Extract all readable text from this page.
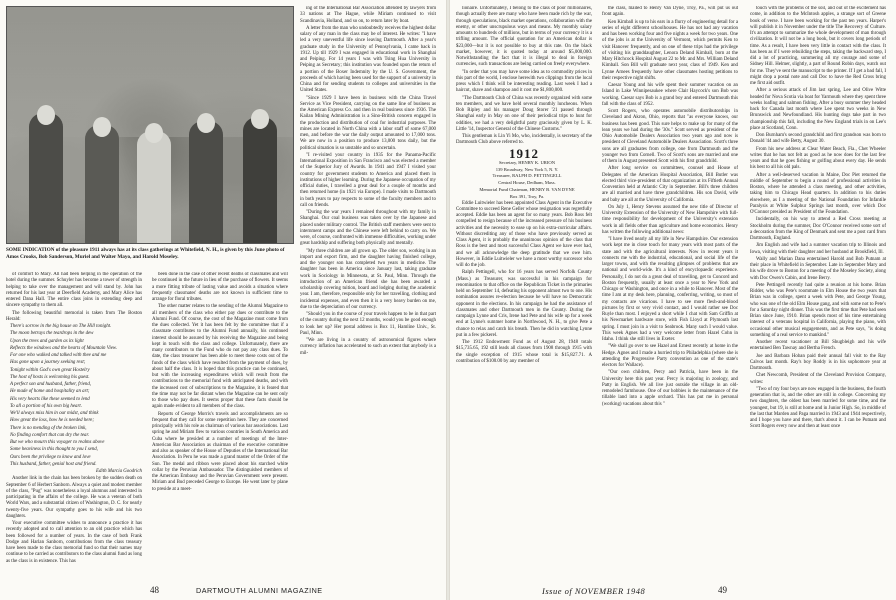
SOME INDICATION of the pleasure 1911 always has at its class gatherings at Whitefield, N. H., is given by this June photo of Amos Crooks, Bob Sanderson, Muriel and Walter Mayo, and Harold Moseley.

of comfort to Mary. All had been helping in the operation of the hotel during the summer. Schuyler has become a tower of strength in helping to take over the management and will stand by. John has returned for his last year at Deerfield Academy, and Mary Alice has entered Dana Hall. The entire class joins in extending deep and sincere sympathy to them all.

The following beautiful memorial is taken from The Boston Herald:

There's sorrow in the big house on The Hill tonight.

The moon betrays the teardrops in the dew

Upon the trees and garden as its light

Reflects the windows and the hearts of Mountain View.

For one who walked and talked with thee and me

Has gone upon a journey seeking rest;

Tonight within God's own great Hostelry

The host of hosts is welcoming his guest.

A perfect son and husband, father, friend,

He made of home and hospitality an art;

His very hearts like these seemed to lend

To all a portion of his own big heart.

We'll always miss him in our midst, and think

How great the loss, how he is needed here;

There is no mending of the broken link,

No finding comfort that can dry the tear.

But we who mourn this voyager to realms above

Some heaviness in this thought to you I send,

Ours been the privilege to know and love

This husband, father, genial host and friend.

Edith Marcia Goodrich

Another link in the chain has been broken by the sudden death on September 6 of Herbert Sanborn. Always a quiet and modest member of the class, "Pug" was nonetheless a loyal alumnus and interested in participating in the affairs of the college. He was a veteran of both World Wars, and a substantial citizen of Washington, D. C. for nearly twenty-five years. Our sympathy goes to his wife and his two daughters.

Your executive committee wishes to announce a practice it has recently adopted and to call attention to an old practice which has been followed for a number of years. In the case of both Frank Dodge and Harlan Sanborn, contributions from the class treasury have been made to the class memorial fund so that their names may continue to be carried as contributors to the class alumni fund as long as the class is in existence. This has

been done in the case of other recent deaths of classmates and will be continued in the future in lieu of the purchase of flowers. It seems a more fitting tribute of lasting value and avoids a situation where frequently classmates' deaths are not known in sufficient time to arrange for floral tributes.

The other matter relates to the sending of the Alumni Magazine to all members of the class who either pay dues or contribute to the Alumni Fund. Of course, the cost of the Magazine must come from the dues collected. Yet it has been felt by the committee that if a classmate contributes to the Alumni Fund annually, his continued interest should be assured by his receiving the Magazine and being kept in touch with the class and college. Unfortunately, there are many contributors to the Fund who do not pay any class dues. To date, the class treasurer has been able to meet these costs out of the funds of the class which have resulted from the payment of dues, by about half the class. It is hoped that this practice can be continued, but with the increasing expenditures which will result from the contributions to the memorial fund with anticipated deaths, and with the increased cost of subscriptions to the Magazine, it is feared that the time may not be far distant when the Magazine can be sent only to those who pay dues. It seems proper that these facts should be again made evident to all members of the class.

Reports of George Morris's travels and accomplishments are so frequent that they call for some repetition here. They are concerned principally with his role as chairman of various bar associations. Last spring he and Miriam flew to various countries in South America and Cuba where he presided at a number of meetings of the Inter-American Bar Association as chairman of the executive committee and also as speaker of the House of Deputies of the International Bar Association. In Peru he was made a grand master of the Order of the Sun. The medal and ribbon were placed about his starched white collar by the Peruvian Ambassador. The distinguished members of the American Embassy and the Peruvian Government were present. Miriam and Bud preceded George to Europe. He went later by plane to preside at a meet-

ing of the International Bar Association attended by lawyers from 33 nations at The Hague, while Miriam continued to visit Scandinavia, Holland, and so on, to return later by boat.

A letter from the man who undoubtedly receives the highest dollar salary of any man in the class may be of interest. He writes: "I have led a very uneventful life since leaving Dartmouth. After a year's graduate study in the University of Pennsylvania, I came back in 1912. Up till 1929 I was engaged in educational work in Shanghai and Peiping. For 14 years I was with Tsing Hua University in Peiping as Secretary; this institution was founded upon the return of a portion of the Boxer Indemnity by the U. S. Government, the proceeds of which having been used for the support of a university in China and for sending students to colleges and universities in the United States.

"Since 1929 I have been in business with the China Travel Service as Vice President, carrying on the same line of business as the American Express Co. and then in real business since 1936. The Kailan Mining Administration is a Sino-British concern engaged in the production and distribution of coal for industrial purposes. The mines are located in North China with a labor staff of some 67,000 men, and before the war the daily output amounted to 17,000 tons. We are now in a position to produce 13,000 tons daily, but the political situation is so unstable and so uncertain.

"I re-visited your country in 1935 for the Panama-Pacific International Exposition in San Francisco and was elected a member of the Superior Jury of Awards. In 1941 and 1947 I visited your country for government students to America and placed them in institutions of higher learning. During the Japanese occupation of my official duties, I travelled a great deal for a couple of months and then returned home (in 1921 via Europe). I made visits to Dartmouth in both years to pay respects to some of the faculty members and to call on friends.

"During the war years I remained throughout with my family in Shanghai. Our coal business was taken over by the Japanese and placed under military control. The British staff members were sent to internment camps and the Chinese were left behind to carry on. We were, of course, confronted with immense difficulties, working under great hardship and suffering both physically and mentally.

"My three children are all grown up. The older son, working in an import and export firm, and the daughter having finished college, and the younger son has completed two years in medicine. The daughter has been in America since January last, taking graduate work in Sociology in Minnesota, at St. Paul, Minn. Through the introduction of an American friend she has been awarded a scholarship covering tuition, board and lodging during the academic year. I am, therefore, responsible only for her travelling, clothing and incidental expenses, and even then it is a very heavy burden on me, due to the depreciation of our currency.

"Should you in the course of your travels happen to be in that part of the country during the next 12 months, would you be good enough to look her up? Her postal address is Box 11, Hamline Univ., St. Paul, Minn.

"We are living in a country of astronomical figures where currency inflation has accelerated to such an extent that anybody is a mil-

48	DARTMOUTH ALUMNI MAGAZINE

lionaire. Unfortunately, I belong to the class of poor millionaires, though actually there are many who have been made rich by the war, through speculations, black market operations, collaboration with the enemy, or other unscrupulous ways and means. My monthly salary amounts to hundreds of millions, but in terms of your currency it is a trifling amount. The official quotation for an American dollar is $23,000—but it is not possible to buy at this rate. On the black market, however, it is quoted today at around $5,000,000. Notwithstanding the fact that it is illegal to deal in foreign currencies, such transactions are being carried on freely everywhere.

"In order that you may have some idea as to commodity prices in this part of the world, I enclose herewith two clippings from the local press which I think will be interesting reading. Last week I had a haircut, shave and shampoo and it cost me $1,800,000.

"The Dartmouth Club of China was recently organized with some ten members, and we have held several monthly luncheons. When Bob Ripley and his manager Doug Storer '21 passed through Shanghai early in May on one of their periodical trips to hunt for oddities, we had a very delightful party graciously given by L. K. Little '14, Inspector General of the Chinese Customs."

This gentleman is Lin Yi Mo, who, incidentally, is secretary of the Dartmouth Club above referred to.

1912

Secretary, HENRY K. URION

139 Broadway, New York 5, N. Y.

Treasurer, RALPH D. PETTINGELL

Central House, Dedham, Mass.

Memorial Fund Chairman, HENRY B. VAN DYNE

Box 391, Troy, Pa.

Eddie Luitwieler has been appointed Class Agent in the Executive Committee to succeed Rene Geller whose resignation was regretfully accepted. Eddie has been an agent for so many years. Bob Ross felt compelled to resign because of the increased pressure of his business activities and the necessity to ease up on his extra-curricular affairs. Without discrediting any of those who have previously served as Class Agent, it is probably the unanimous opinion of the class that Ross is the best and most successful Class Agent we have ever had, and we all acknowledge the deep gratitude that we owe him. However, in Eddie Luitwieler we have a most worthy successor who will do the job.

Ralph Pettingell, who for 16 years has served Norfolk County (Mass.) as Treasurer, was successful in his campaign for renomination to that office on the Republican Ticket in the primaries held on September 14, defeating his opponent almost two to one. His nomination assures re-election because he will have no Democratic opponent in the elections. In his campaign he had the assistance of classmates and other Dartmouth men in the County. During the campaign Lynne and Cris, Irene had Pete and his wife up for a week end at Lynne's summer home in Northwood, N. H., to give Pete a chance to relax and catch his breath. Then he did in watching Lynne put in a few pickerel.

The 1912 Endowment Fund as of August 28, 1948 totals $15,735.65, 192 still leads all classes from 1908 through 1915 with the single exception of 1915 whose total is $15,827.71. A contribution of $100.00 by any member of

the class, mailed to Henry Van Dyne, Troy, Pa., will put us out front again.

Ken Kimball is up to his ears in a flurry of engineering detail for a series of eight different schoolhouses. He has not had any vacation and has been working four and five nights a week for two years. One of the jobs is at the University of Vermont, which permits Ken to visit Hanover frequently, and on one of these trips had the privilege of visiting his granddaughter, Lenora Deland Kimball, born at the Mary Hitchcock Hospital August 22 to Mr. and Mrs. William Deland Kimball. Son Bill will graduate next year, class of 1949. Ken and Lynne Arnees frequently have other classmates hosting petitions to their respective night shifts.

Caesar Young and his wife spent their summer vacation on an Island in Lake Winnipesaukee where Clair Haycock's son Bob was working. Caesar says Bob is a grand boy and entered Dartmouth this fall with the class of 1952.

Scott Rogers, who operates automobile distributorships in Cleveland and Akron, Ohio, reports that "as everyone knows, our business has been good. This sure helps to make up for many of the lean years we had during the '30s." Scott served as president of the Ohio Automobile Dealers Association two years ago and now is president of Cleveland Automobile Dealers Association. Scott's three sons are all graduates from college, one from Dartmouth and the younger two from Cornell. Two of Scott's sons are married and one of them in August presented Scott with his first grandchild.

After long service on committees, counsel and House of Delegates of the American Hospital Association, Bill Butler was elected third vice-president of that organization at its Fiftieth Annual Convention held at Atlantic City in September. Bill's three children are all married and have three grandchildren. His son David, wife and baby are all at the University of California.

On July 1, Henry Stevens assumed the new title of Director of University Extension of the University of New Hampshire with full-time responsibility for development of the University's extension work in all fields other than agriculture and home economics. Henry has written the following additional news:

"I have lived nearly all my life in New Hampshire. Our extension work kept me in close touch for many years with most parts of the state and with the agricultural interests. Now in recent years it connects me with the industrial, educational, and social life of the larger towns, and with the resulting glimpses of problems that are national and world-wide. It's a kind of encyclopaedic experience. Personally, I do not do a great deal of travelling, get to Concord and Boston frequently, usually at least once a year to New York and Chicago or Washington, and once in a while to Hanover. Most of the time I am at my desk here, planning, conferring, writing, so most of my contacts are vicarious. I have to see more flesh-and-blood pictures by first or very vivid contact, and I would rather see Doc Ruyle than most. I enjoyed a short while I chat with Sam Griffin at his Newmarket hardware store, with Fish Lloyd at Plymouth last spring. I must join in a visit to Seabrook. Many such I would value. This week Agnes had a very welcome letter from Hazel Cohn in Idaho. I think she still lives in Exeter.

"We shall go over to see Hazel and Ernest recently at home in the Hedge. Agnes and I made a hurried trip to Philadelphia (where she is attending the Progressive Party convention as one of the state's electors for Wallace).

"Our own children, Percy and Patricia, have been in the University here this past year. Percy is majoring in zoology, and Patty in English. We all live just outside the village in an old-remodeled farmhouse. One of our hobbies is the maintenance of the tillable land into a apple orchard. This has put me in personal (working) vacations about this "

touch with the problems of the soil, and out of the excitement has come, in addition to the McIntosh apples, a strange sort of Greene book of verse. I have been working for the past ten years. Harper's will publish it in November under the title The Recovery of Culture. It's an attempt to summarize the whole development of man through civilization. It will not be a long book, but it covers long periods of time. As a result, I have been very little in contact with the class. It has been as if I were rebuilding the steps, taking the backward step, I did a lot of practicing, summering all my courage and some of Sidney Hill. Helmer, slightly, a part of Round Robin days, watch out for me. They've sent the manuscript to the printer. If I get a bad fall, I might drop a postal note and call Doc to have the Red Cross bring me first aid outfit.

After a serious attack of Jim last spring, Lee and Olive Witte headed for Nova Scotia via boat for Yarmouth where they spent three weeks loafing and salmon fishing. After a busy summer they headed back for Canada last month where Lee spent two weeks in New Brunswick and Newfoundland. His hunting dogs take part in two championship this fall, including the New England trials in on Lee's place at Scotland, Conn.

Don Burnham's second grandchild and first grandson was born to Donald '44 and wife Betty, August 30.

From his new address at Clear Water Beach, Fla., Chet Wheeler writes that he has not felt as good as he now does for the last few years and that he goes fishing or golfing about every day. He sends his best to all his old pals.

After a well-deserved vacation in Maine, Doc Piet returned the middle of September to begin a round of professional activities in Boston, where he attended a class meeting, and other activities, taking him to Chicago Head quarters. In addition to his duties elsewhere, as I a meeting of the National Foundation for Infantile Paralysis at White Sulphur Springs last month, over which Doc O'Connor presided as President of the Foundation.

Incidentally, on his way to attend a Red Cross meeting at Stockholm during the summer, Doc O'Connor received some sort of a decoration from the King of Denmark and sent me a post card from Dartmouth, England.

Jim English and wife had a summer vacation trip to Illinois and Iowa, visiting with their daughter and her husband at Brookfield, Ill.

Wally and Marian Dana entertained Harold and Bob Putnam at their place in Whitefield in September. Late in September Mary and his wife drove to Boston for a meeting of the Moseley Society, along with Doc Owen's Cabin, and Irene Berry.

Pete Pettingell recently had quite a reunion at his home. Brian Ridder, who was Pete's roommate in Elm House the two years that Brian was in college, spent a week with Pete, and George Young, who was one of the old Elm House gang, and with some not to Pete's for a Saturday night dinner. This was the first time that Pete had seen Brian since June, 1910. Brian spends most of his time entertaining interest of a veterans hospital in California, playing the piano, with occasional other musical engagements, and as Pete says, "is doing something of a real service to mankind."

Another recent vacationer at Bill Shugbleigh and his wife entertained Ben Tawnay and Bertha French.

Joe and Barbara Hoban paid their annual fall visit to the Ray Calvos last month. Ray's boy Roddy is in his sophomore year at Dartmouth.

Chet Newcomb, President of the Cleveland Provision Company, writes:

"Two of my four boys are now engaged in the business, the fourth generation that is, and the other are still in college. Concerning my two daughters, the oldest has been married for some time, and the youngest, but 19, is still at home and in Junior High. So, in middle of the last that Marden and Paga married in 1943 and 1944 respectively, and I hope you have and there, that's about it. I can be Putnam and Scott Rogers every now and then at least once

Issue of NOVEMBER 1948	49
